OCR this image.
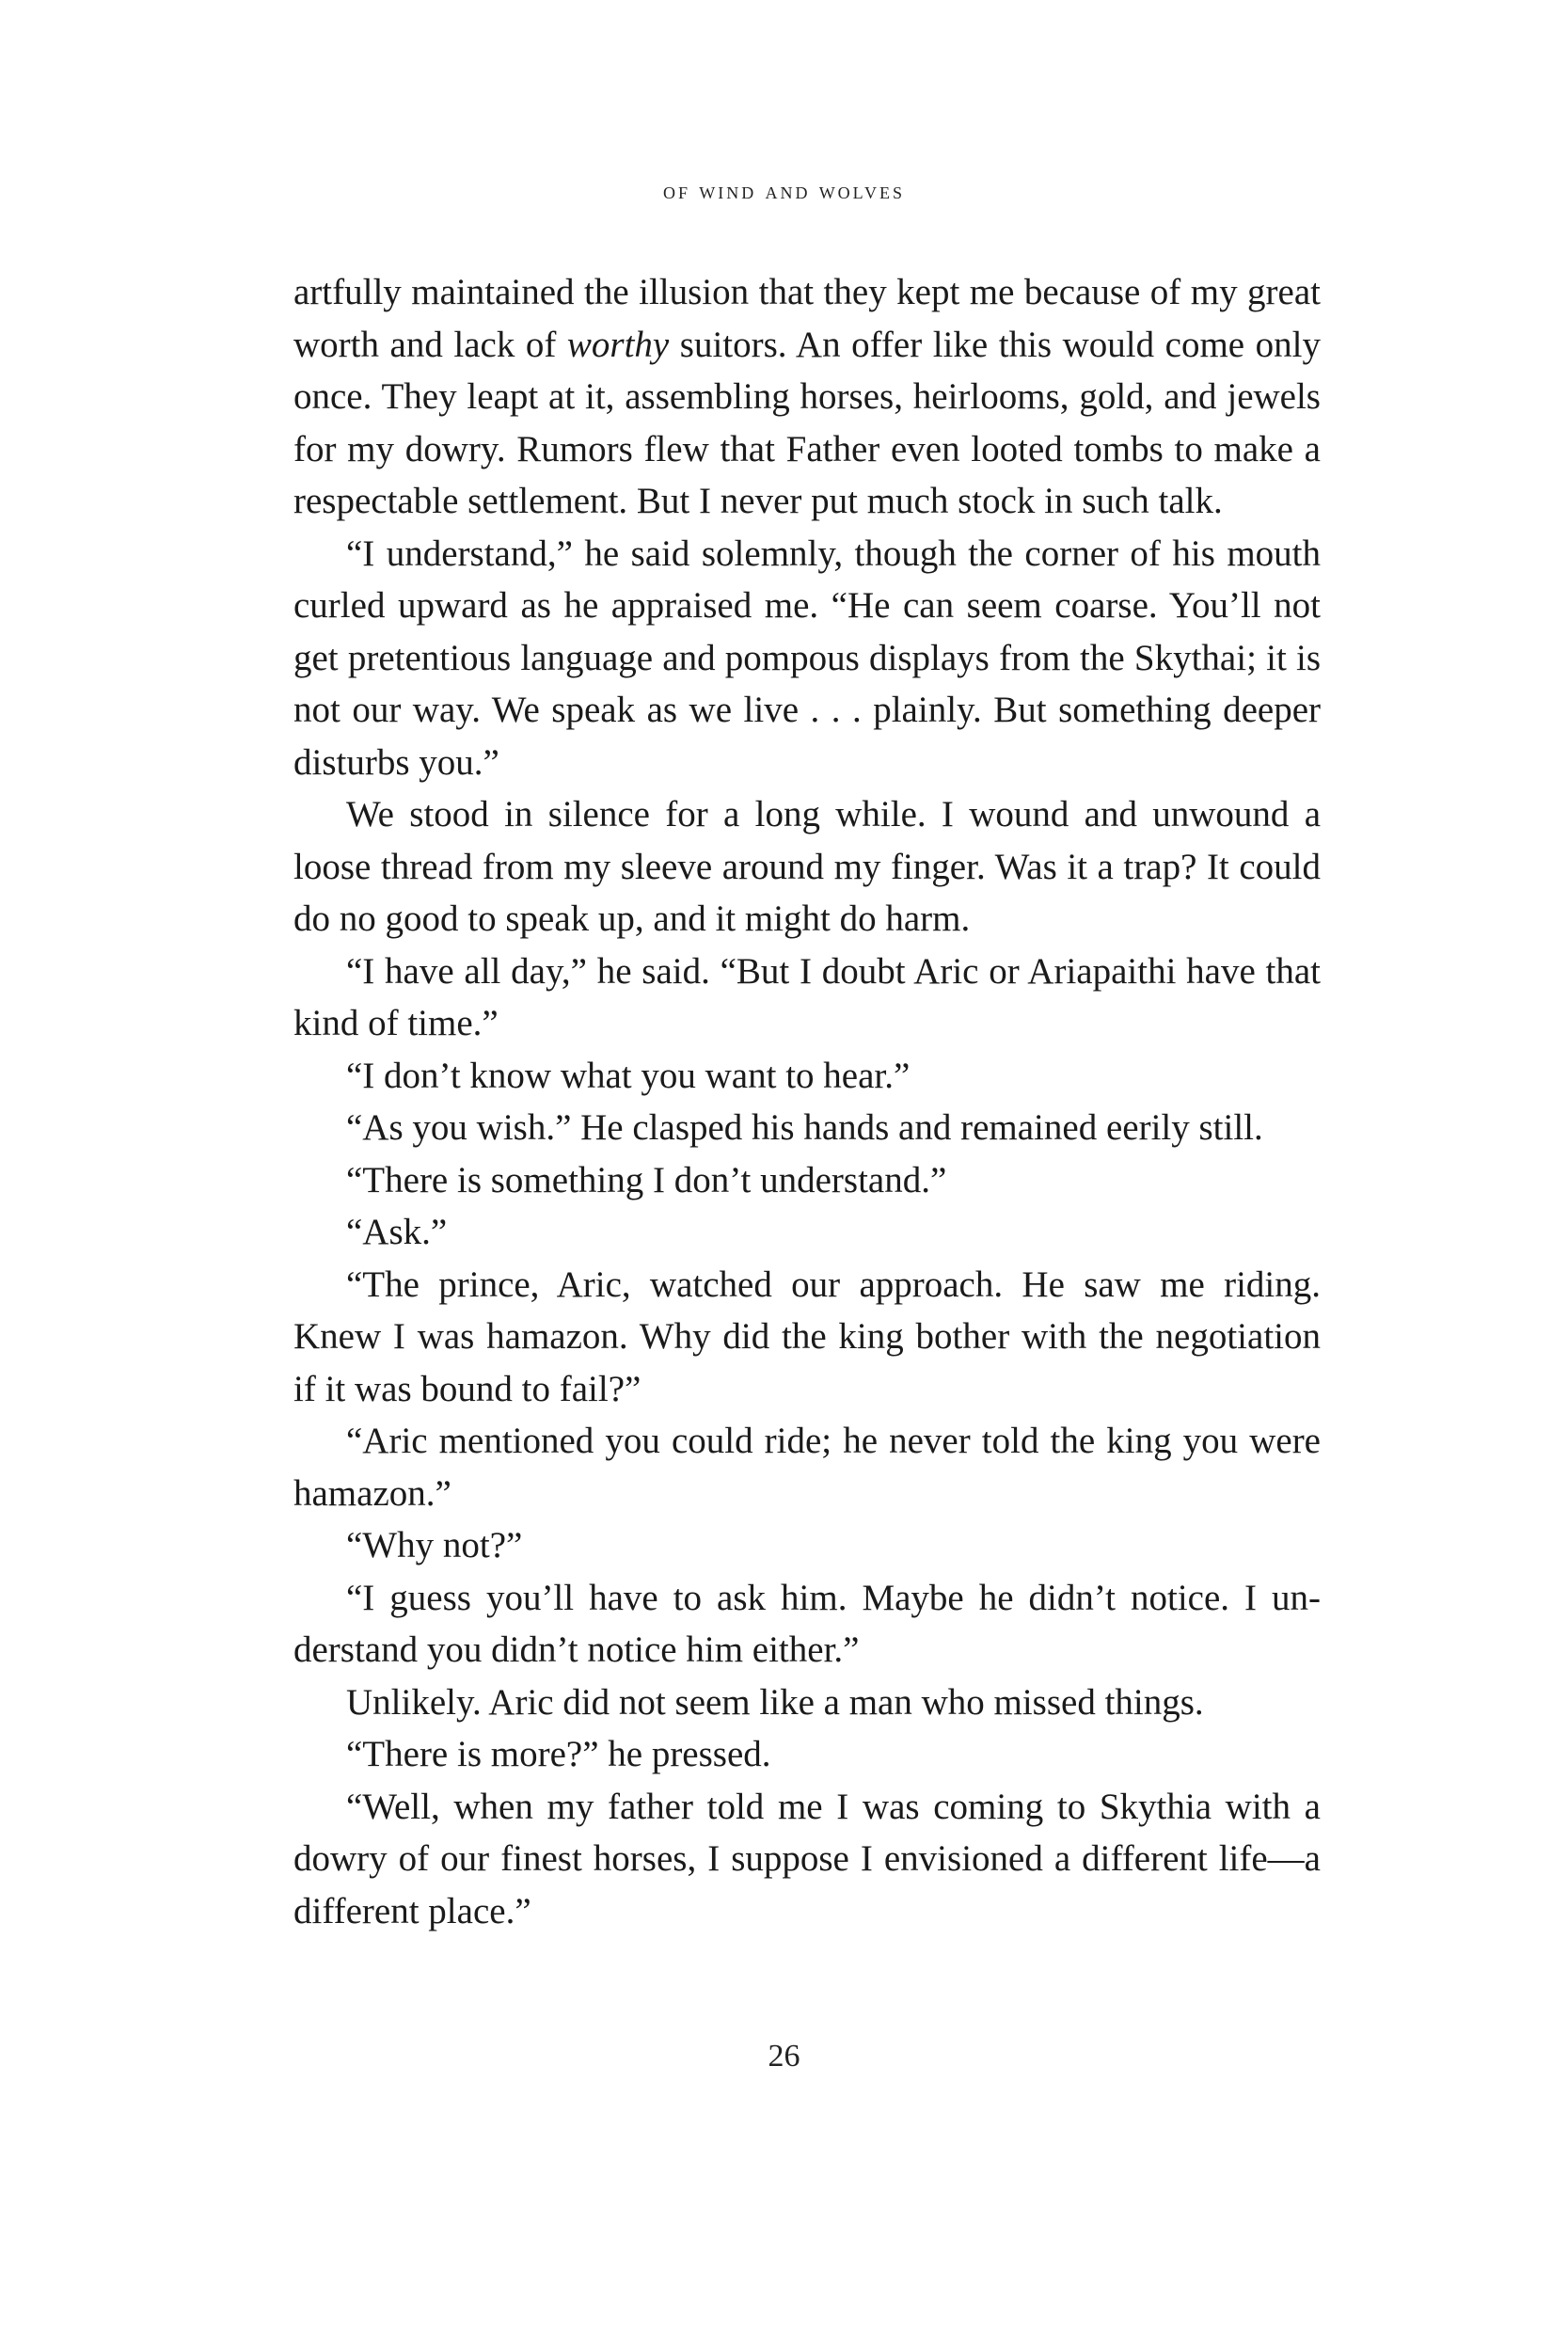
of wind and wolves

artfully maintained the illusion that they kept me because of my great worth and lack of worthy suitors. An offer like this would come only once. They leapt at it, assembling horses, heirlooms, gold, and jewels for my dowry. Rumors flew that Father even looted tombs to make a respectable settlement. But I never put much stock in such talk.

“I understand,” he said solemnly, though the corner of his mouth curled upward as he appraised me. “He can seem coarse. You’ll not get pretentious language and pompous displays from the Skythai; it is not our way. We speak as we live . . . plainly. But something deeper disturbs you.”

We stood in silence for a long while. I wound and unwound a loose thread from my sleeve around my finger. Was it a trap? It could do no good to speak up, and it might do harm.

“I have all day,” he said. “But I doubt Aric or Ariapaithi have that kind of time.”

“I don’t know what you want to hear.”

“As you wish.” He clasped his hands and remained eerily still.

“There is something I don’t understand.”

“Ask.”

“The prince, Aric, watched our approach. He saw me riding. Knew I was hamazon. Why did the king bother with the negotiation if it was bound to fail?”

“Aric mentioned you could ride; he never told the king you were hamazon.”

“Why not?”

“I guess you’ll have to ask him. Maybe he didn’t notice. I understand you didn’t notice him either.”

Unlikely. Aric did not seem like a man who missed things.

“There is more?” he pressed.

“Well, when my father told me I was coming to Skythia with a dowry of our finest horses, I suppose I envisioned a different life—a different place.”

26
